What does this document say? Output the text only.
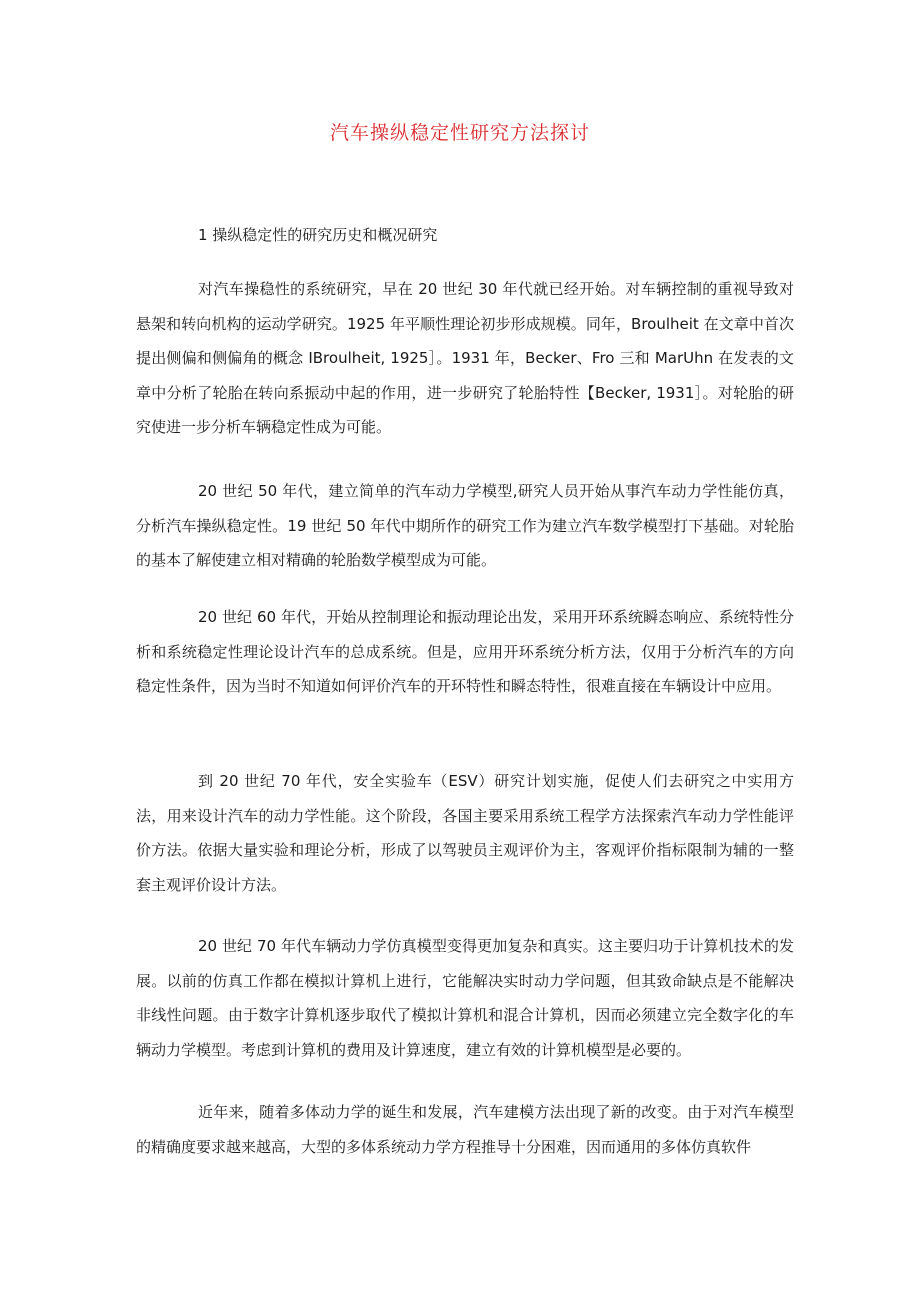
汽车操纵稳定性研究方法探讨
1 操纵稳定性的研究历史和概况研究

对汽车操稳性的系统研究，早在 20 世纪 30 年代就已经开始。对车辆控制的重视导致对悬架和转向机构的运动学研究。1925 年平顺性理论初步形成规模。同年，Broulheit 在文章中首次提出侧偏和侧偏角的概念 IBroulheit, 1925］。1931 年，Becker、Fro 三和 MarUhn 在发表的文章中分析了轮胎在转向系振动中起的作用，进一步研究了轮胎特性【Becker, 1931］。对轮胎的研究使进一步分析车辆稳定性成为可能。

20 世纪 50 年代，建立简单的汽车动力学模型,研究人员开始从事汽车动力学性能仿真，分析汽车操纵稳定性。19 世纪 50 年代中期所作的研究工作为建立汽车数学模型打下基础。对轮胎的基本了解使建立相对精确的轮胎数学模型成为可能。

20 世纪 60 年代，开始从控制理论和振动理论出发，采用开环系统瞬态响应、系统特性分析和系统稳定性理论设计汽车的总成系统。但是，应用开环系统分析方法，仅用于分析汽车的方向稳定性条件，因为当时不知道如何评价汽车的开环特性和瞬态特性，很难直接在车辆设计中应用。

到 20 世纪 70 年代，安全实验车（ESV）研究计划实施，促使人们去研究之中实用方法，用来设计汽车的动力学性能。这个阶段，各国主要采用系统工程学方法探索汽车动力学性能评价方法。依据大量实验和理论分析，形成了以驾驶员主观评价为主，客观评价指标限制为辅的一整套主观评价设计方法。

20 世纪 70 年代车辆动力学仿真模型变得更加复杂和真实。这主要归功于计算机技术的发展。以前的仿真工作都在模拟计算机上进行，它能解决实时动力学问题，但其致命缺点是不能解决非线性问题。由于数字计算机逐步取代了模拟计算机和混合计算机，因而必须建立完全数字化的车辆动力学模型。考虑到计算机的费用及计算速度，建立有效的计算机模型是必要的。

近年来，随着多体动力学的诞生和发展，汽车建模方法出现了新的改变。由于对汽车模型的精确度要求越来越高，大型的多体系统动力学方程推导十分困难，因而通用的多体仿真软件
